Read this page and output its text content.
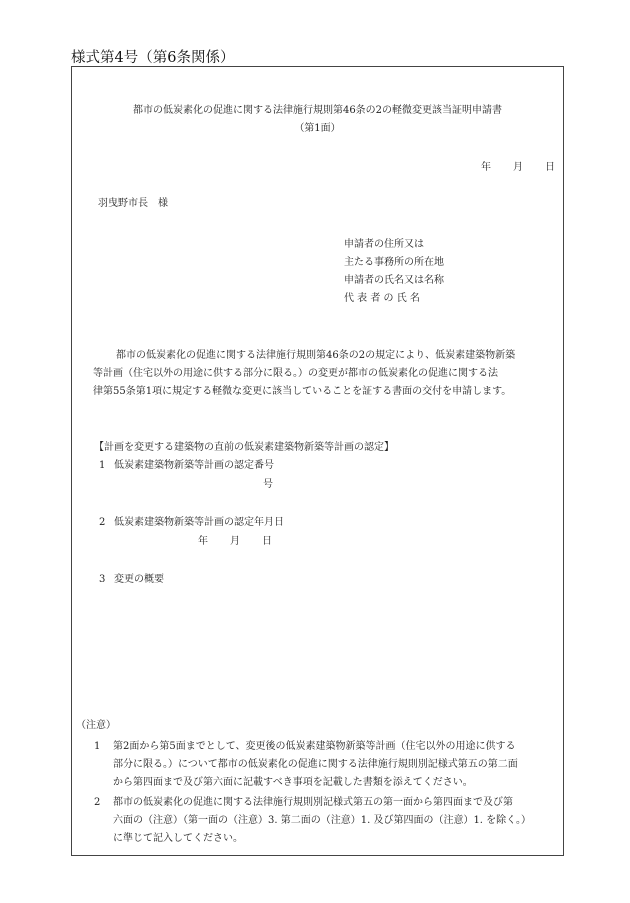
様式第4号（第6条関係）
都市の低炭素化の促進に関する法律施行規則第46条の2の軽微変更該当証明申請書
（第1面）
年 月 日
羽曳野市長　様
申請者の住所又は
主たる事務所の所在地
申請者の氏名又は名称
代 表 者 の 氏 名
都市の低炭素化の促進に関する法律施行規則第46条の2の規定により、低炭素建築物新築
等計画（住宅以外の用途に供する部分に限る。）の変更が都市の低炭素化の促進に関する法
律第55条第1項に規定する軽微な変更に該当していることを証する書面の交付を申請します。
【計画を変更する建築物の直前の低炭素建築物新築等計画の認定】
1 低炭素建築物新築等計画の認定番号
号
2 低炭素建築物新築等計画の認定年月日
年 月 日
3 変更の概要
（注意）
1 第2面から第5面までとして、変更後の低炭素建築物新築等計画（住宅以外の用途に供する
部分に限る。）について都市の低炭素化の促進に関する法律施行規則別記様式第五の第二面
から第四面まで及び第六面に記載すべき事項を記載した書類を添えてください。
2 都市の低炭素化の促進に関する法律施行規則別記様式第五の第一面から第四面まで及び第
六面の（注意）（第一面の（注意）3. 第二面の（注意）1. 及び第四面の（注意）1. を除く。）
に準じて記入してください。
